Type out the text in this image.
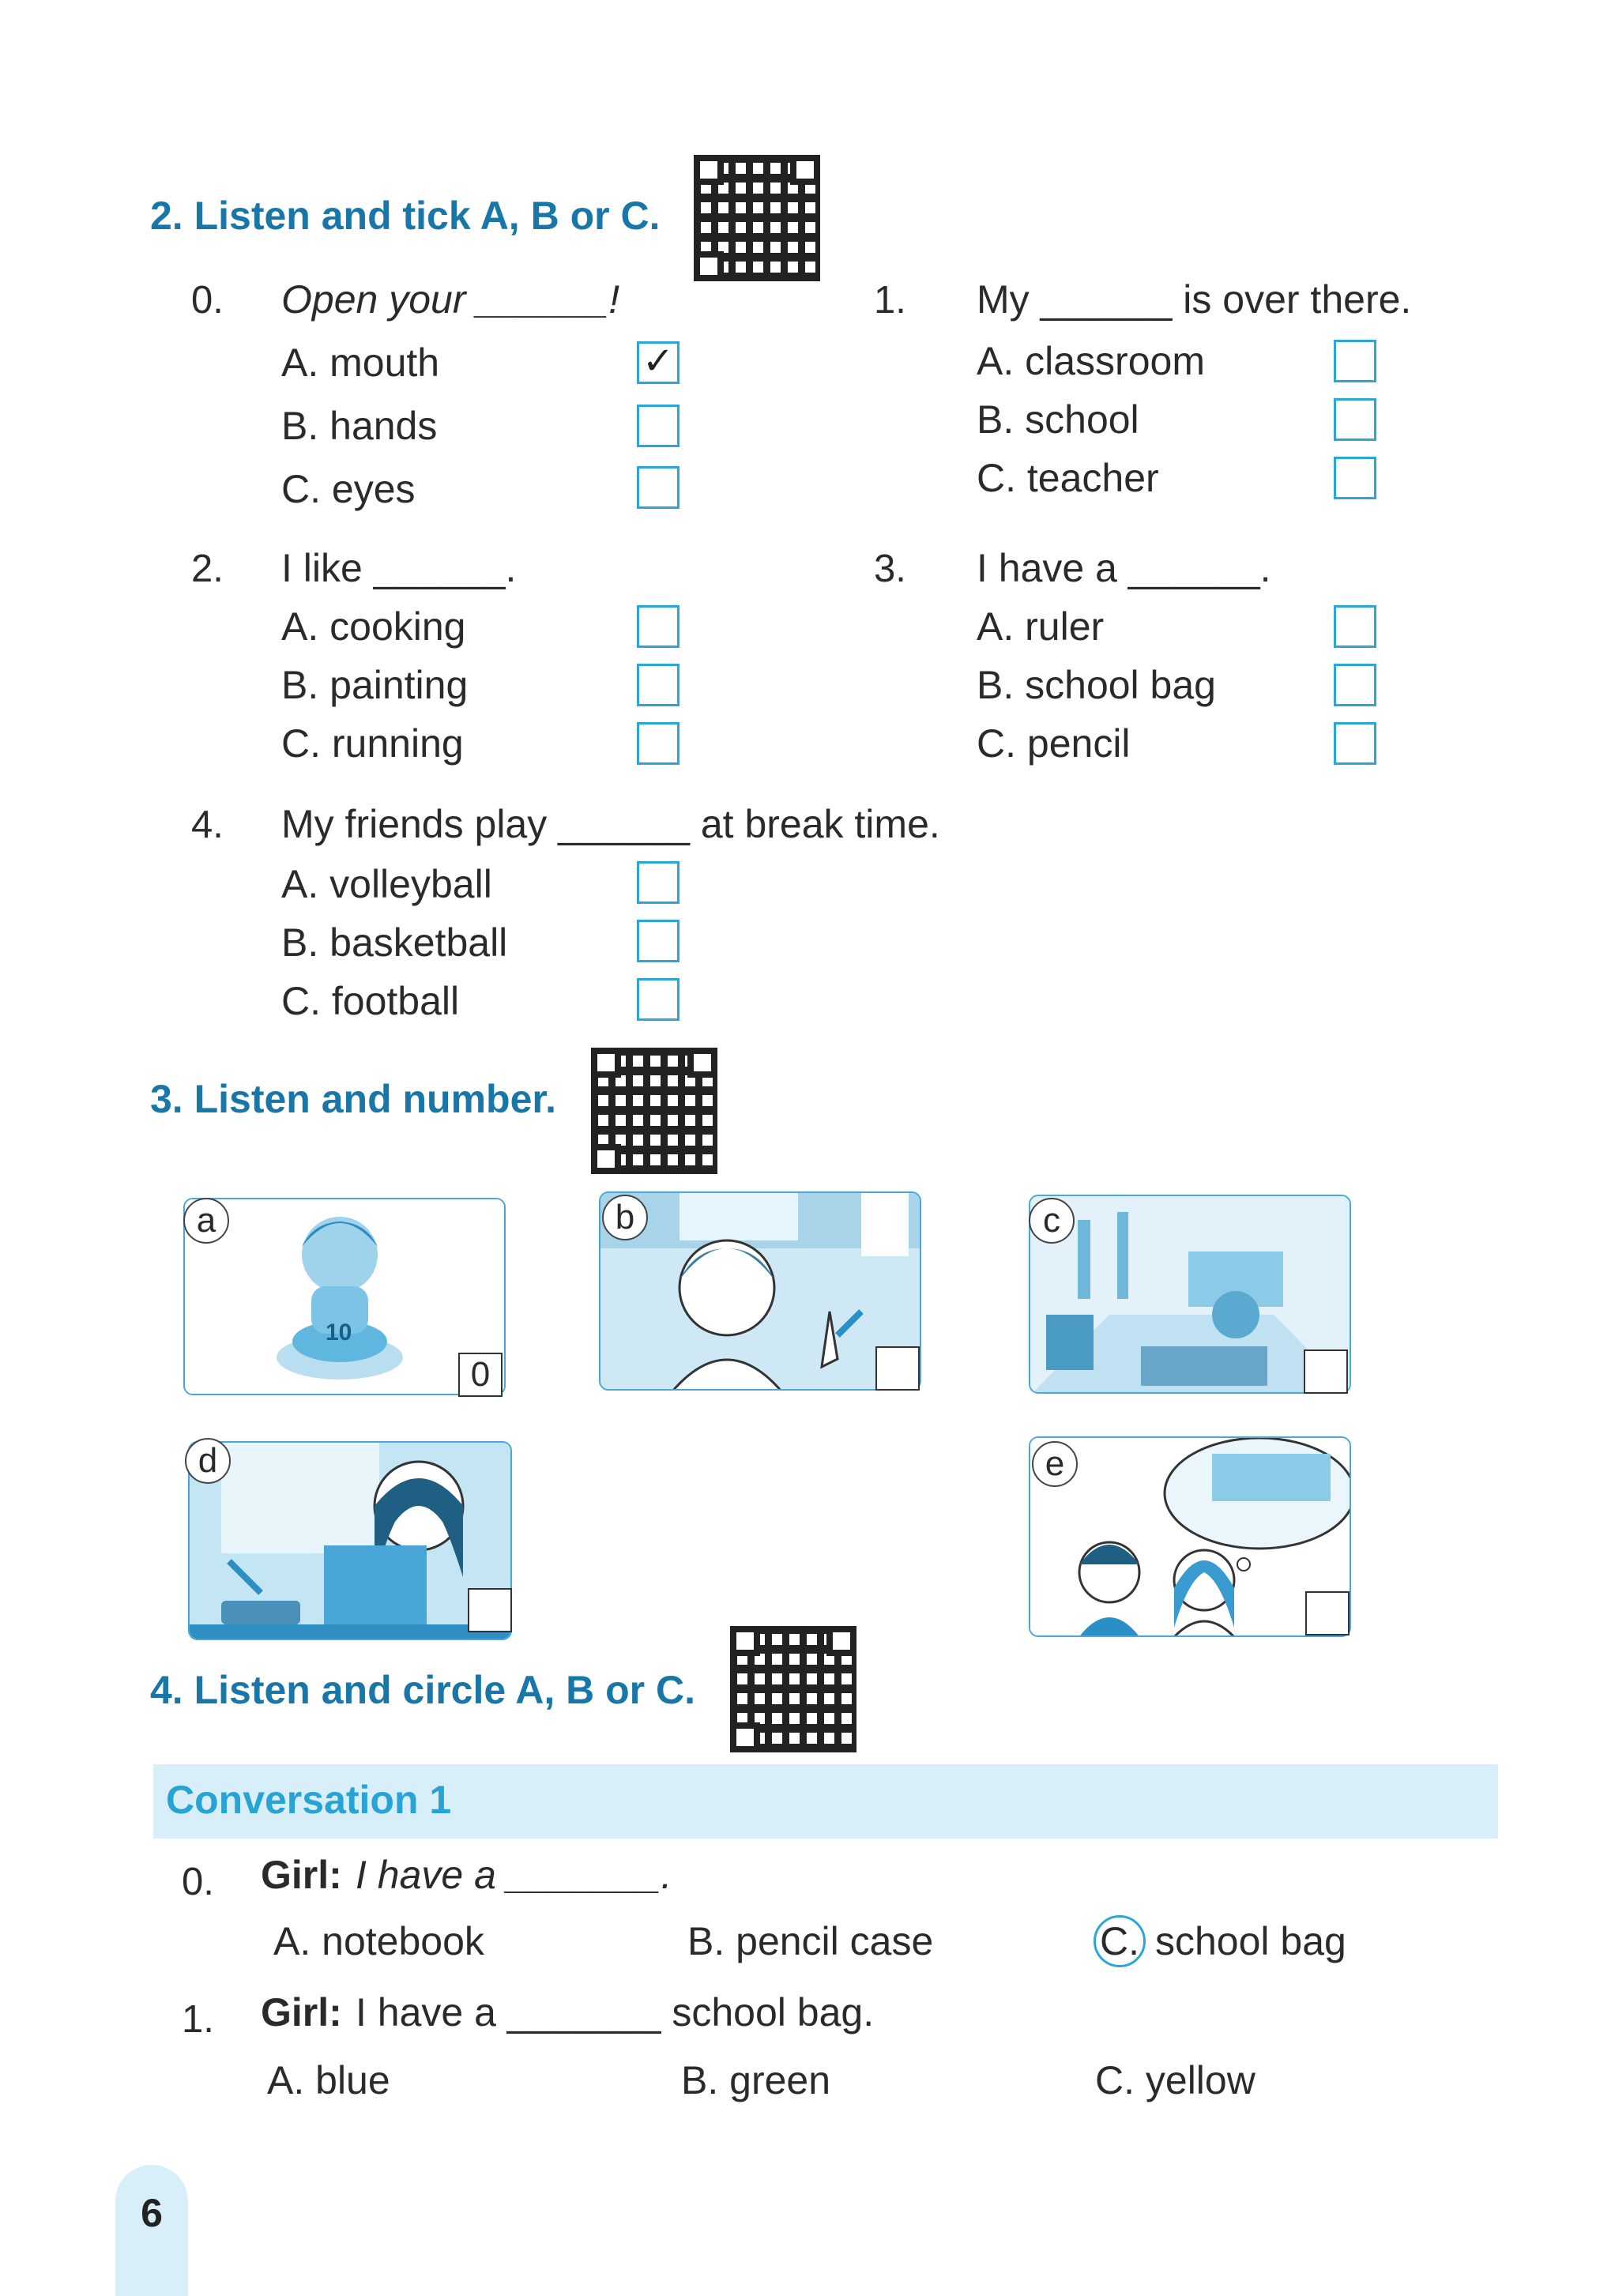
2. Listen and tick A, B or C.
0. Open your ______!
A. mouth
B. hands
C. eyes
✓
1. My ______ is over there.
A. classroom
B. school
C. teacher
2. I like ______.
A. cooking
B. painting
C. running
3. I have a ______.
A. ruler
B. school bag
C. pencil
4. My friends play ______ at break time.
A. volleyball
B. basketball
C. football
3. Listen and number.
10
a
0
b	c
d	e
4. Listen and circle A, B or C.
Conversation 1
0. Girl: I have a _______.
A. notebook	B. pencil case	C. school bag
1. Girl: I have a _______ school bag.
A. blue	B. green	C. yellow
6
